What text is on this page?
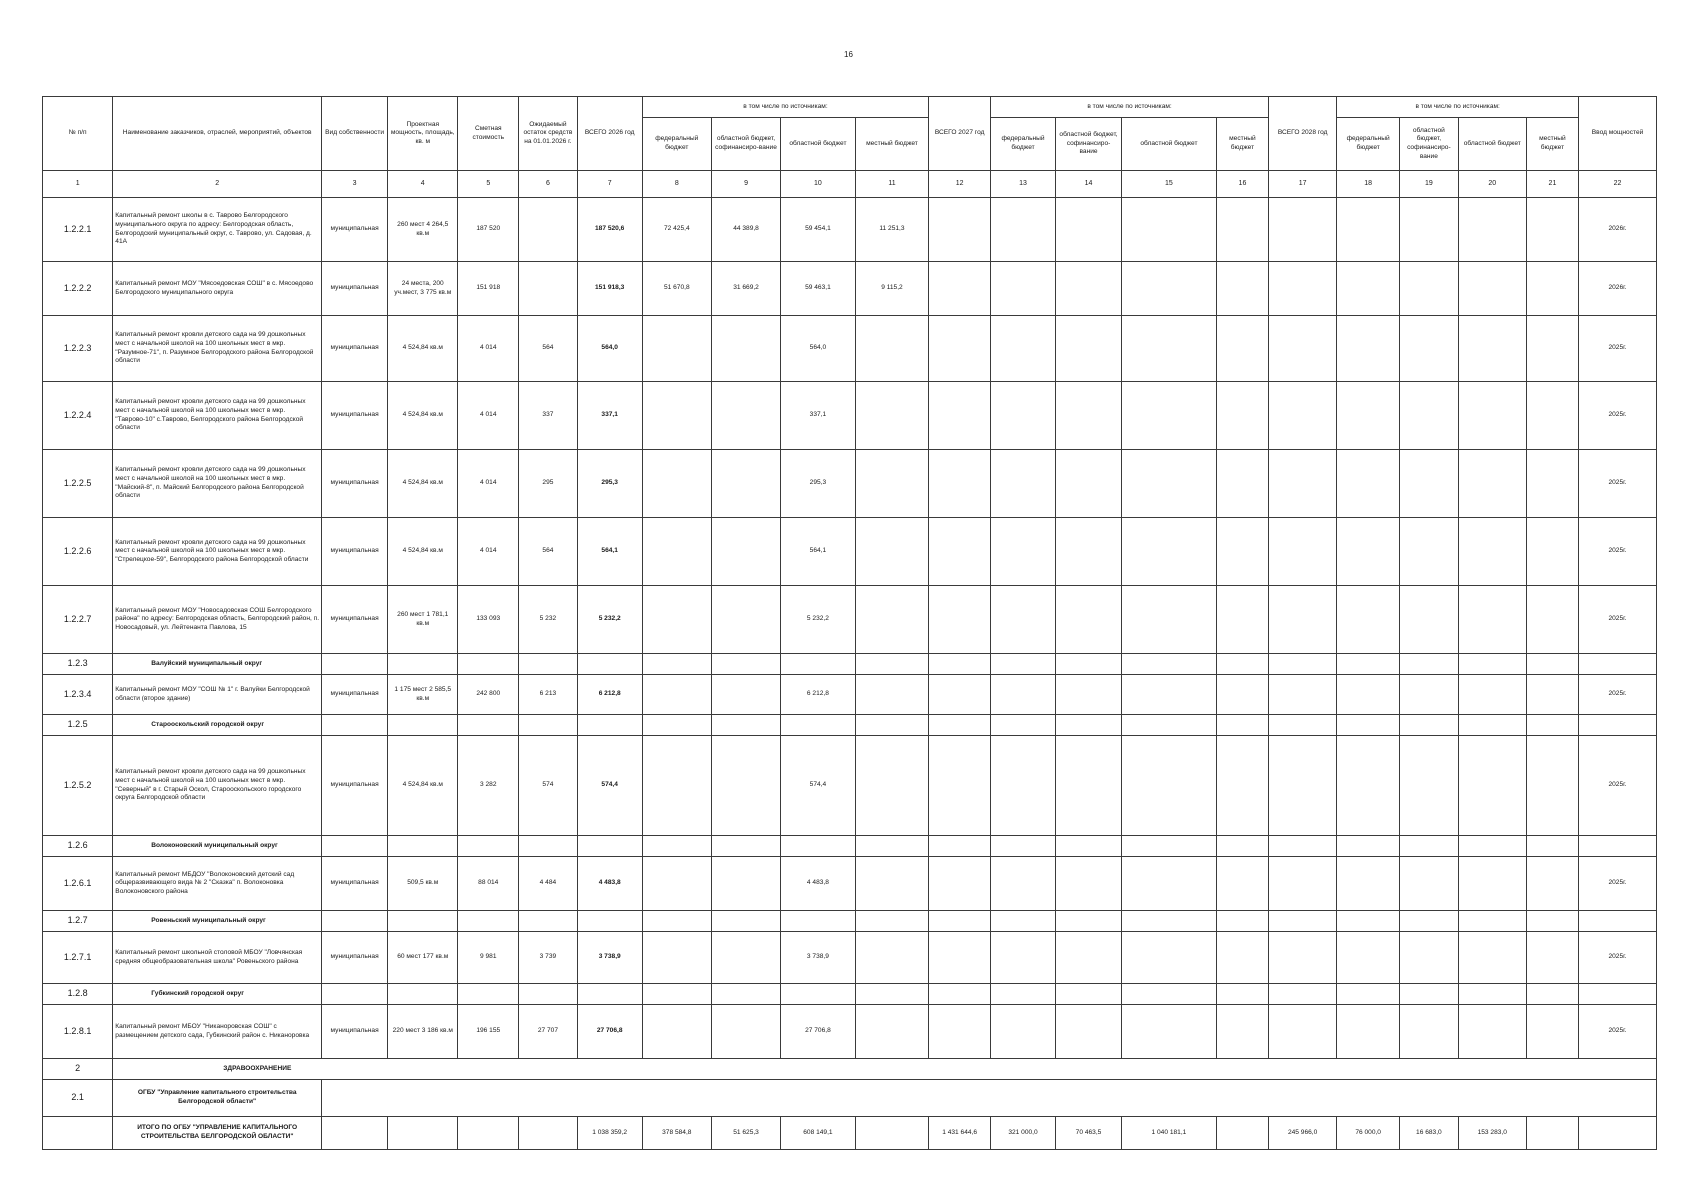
16
№ п/п	Наименование заказчиков, отраслей, мероприятий, объектов	Вид собственности	Проектная мощность, площадь, кв. м	Сметная стоимость	Ожидаемый остаток средств на 01.01.2026 г.	ВСЕГО 2026 год	в том числе по источникам:				ВСЕГО 2027 год	в том числе по источникам:				ВСЕГО 2028 год	в том числе по источникам:				Ввод мощностей
							федеральный бюджет	областной бюджет, софинансиро-вание	областной бюджет	местный бюджет		федеральный бюджет	областной бюджет, софинансиро-вание	областной бюджет	местный бюджет		федеральный бюджет	областной бюджет, софинансиро-вание	областной бюджет	местный бюджет	
1	2	3	4	5	6	7	8	9	10	11	12	13	14	15	16	17	18	19	20	21	22
1.2.2.1	Капитальный ремонт школы в с. Таврово Белгородского муниципального округа по адресу: Белгородская область, Белгородский муниципальный округ, с. Таврово, ул. Садовая, д. 41А	муниципальная	260 мест 4 264,5 кв.м	187 520		187 520,6	72 425,4	44 389,8	59 454,1	11 251,3											2026г.
1.2.2.2	Капитальный ремонт МОУ "Мясоедовская СОШ" в с. Мясоедово Белгородского муниципального округа	муниципальная	24 места, 200 уч.мест, 3 775 кв.м	151 918		151 918,3	51 670,8	31 669,2	59 463,1	9 115,2											2026г.
1.2.2.3	Капитальный ремонт кровли детского сада на 99 дошкольных мест с начальной школой на 100 школьных мест в мкр. "Разумное-71", п. Разумное Белгородского района Белгородской области	муниципальная	4 524,84 кв.м	4 014	564	564,0			564,0												2025г.
1.2.2.4	Капитальный ремонт кровли детского сада на 99 дошкольных мест с начальной школой на 100 школьных мест в мкр. "Таврово-10" с.Таврово, Белгородского района Белгородской области	муниципальная	4 524,84 кв.м	4 014	337	337,1			337,1												2025г.
1.2.2.5	Капитальный ремонт кровли детского сада на 99 дошкольных мест с начальной школой на 100 школьных мест в мкр. "Майский-8", п. Майский Белгородского района Белгородской области	муниципальная	4 524,84 кв.м	4 014	295	295,3			295,3												2025г.
1.2.2.6	Капитальный ремонт кровли детского сада на 99 дошкольных мест с начальной школой на 100 школьных мест в мкр. "Стрелецкое-59", Белгородского района Белгородской области	муниципальная	4 524,84 кв.м	4 014	564	564,1			564,1												2025г.
1.2.2.7	Капитальный ремонт МОУ "Новосадовская СОШ Белгородского района" по адресу: Белгородская область, Белгородский район, п. Новосадовый, ул. Лейтенанта Павлова, 15	муниципальная	260 мест 1 781,1 кв.м	133 093	5 232	5 232,2			5 232,2												2025г.
1.2.3	Валуйский муниципальный округ																				
1.2.3.4	Капитальный ремонт МОУ "СОШ № 1" г. Валуйки Белгородской области (второе здание)	муниципальная	1 175 мест 2 585,5 кв.м	242 800	6 213	6 212,8			6 212,8												2025г.
1.2.5	Старооскольский городской округ																				
1.2.5.2	Капитальный ремонт кровли детского сада на 99 дошкольных мест с начальной школой на 100 школьных мест в мкр. "Северный" в г. Старый Оскол, Старооскольского городского округа Белгородской области	муниципальная	4 524,84 кв.м	3 282	574	574,4			574,4												2025г.
1.2.6	Волоконовский муниципальный округ																				
1.2.6.1	Капитальный ремонт МБДОУ "Волоконовский детский сад общеразвивающего вида № 2 "Сказка" п. Волоконовка Волоконовского района	муниципальная	509,5 кв.м	88 014	4 484	4 483,8			4 483,8												2025г.
1.2.7	Ровеньский муниципальный округ																				
1.2.7.1	Капитальный ремонт школьной столовой МБОУ "Ловчянская средняя общеобразовательная школа" Ровеньского района	муниципальная	60 мест 177 кв.м	9 981	3 739	3 738,9			3 738,9												2025г.
1.2.8	Губкинский городской округ																				
1.2.8.1	Капитальный ремонт МБОУ "Никаноровская СОШ" с размещением детского сада, Губкинский район с. Никаноровка	муниципальная	220 мест 3 186 кв.м	196 155	27 707	27 706,8			27 706,8												2025г.
2	ЗДРАВООХРАНЕНИЕ																				
2.1	ОГБУ "Управление капитального строительства Белгородской области"																				
	ИТОГО ПО ОГБУ "УПРАВЛЕНИЕ КАПИТАЛЬНОГО СТРОИТЕЛЬСТВА БЕЛГОРОДСКОЙ ОБЛАСТИ"					1 038 359,2	378 584,8	51 625,3	608 149,1		1 431 644,6	321 000,0	70 463,5	1 040 181,1		245 966,0	76 000,0	16 683,0	153 283,0		
